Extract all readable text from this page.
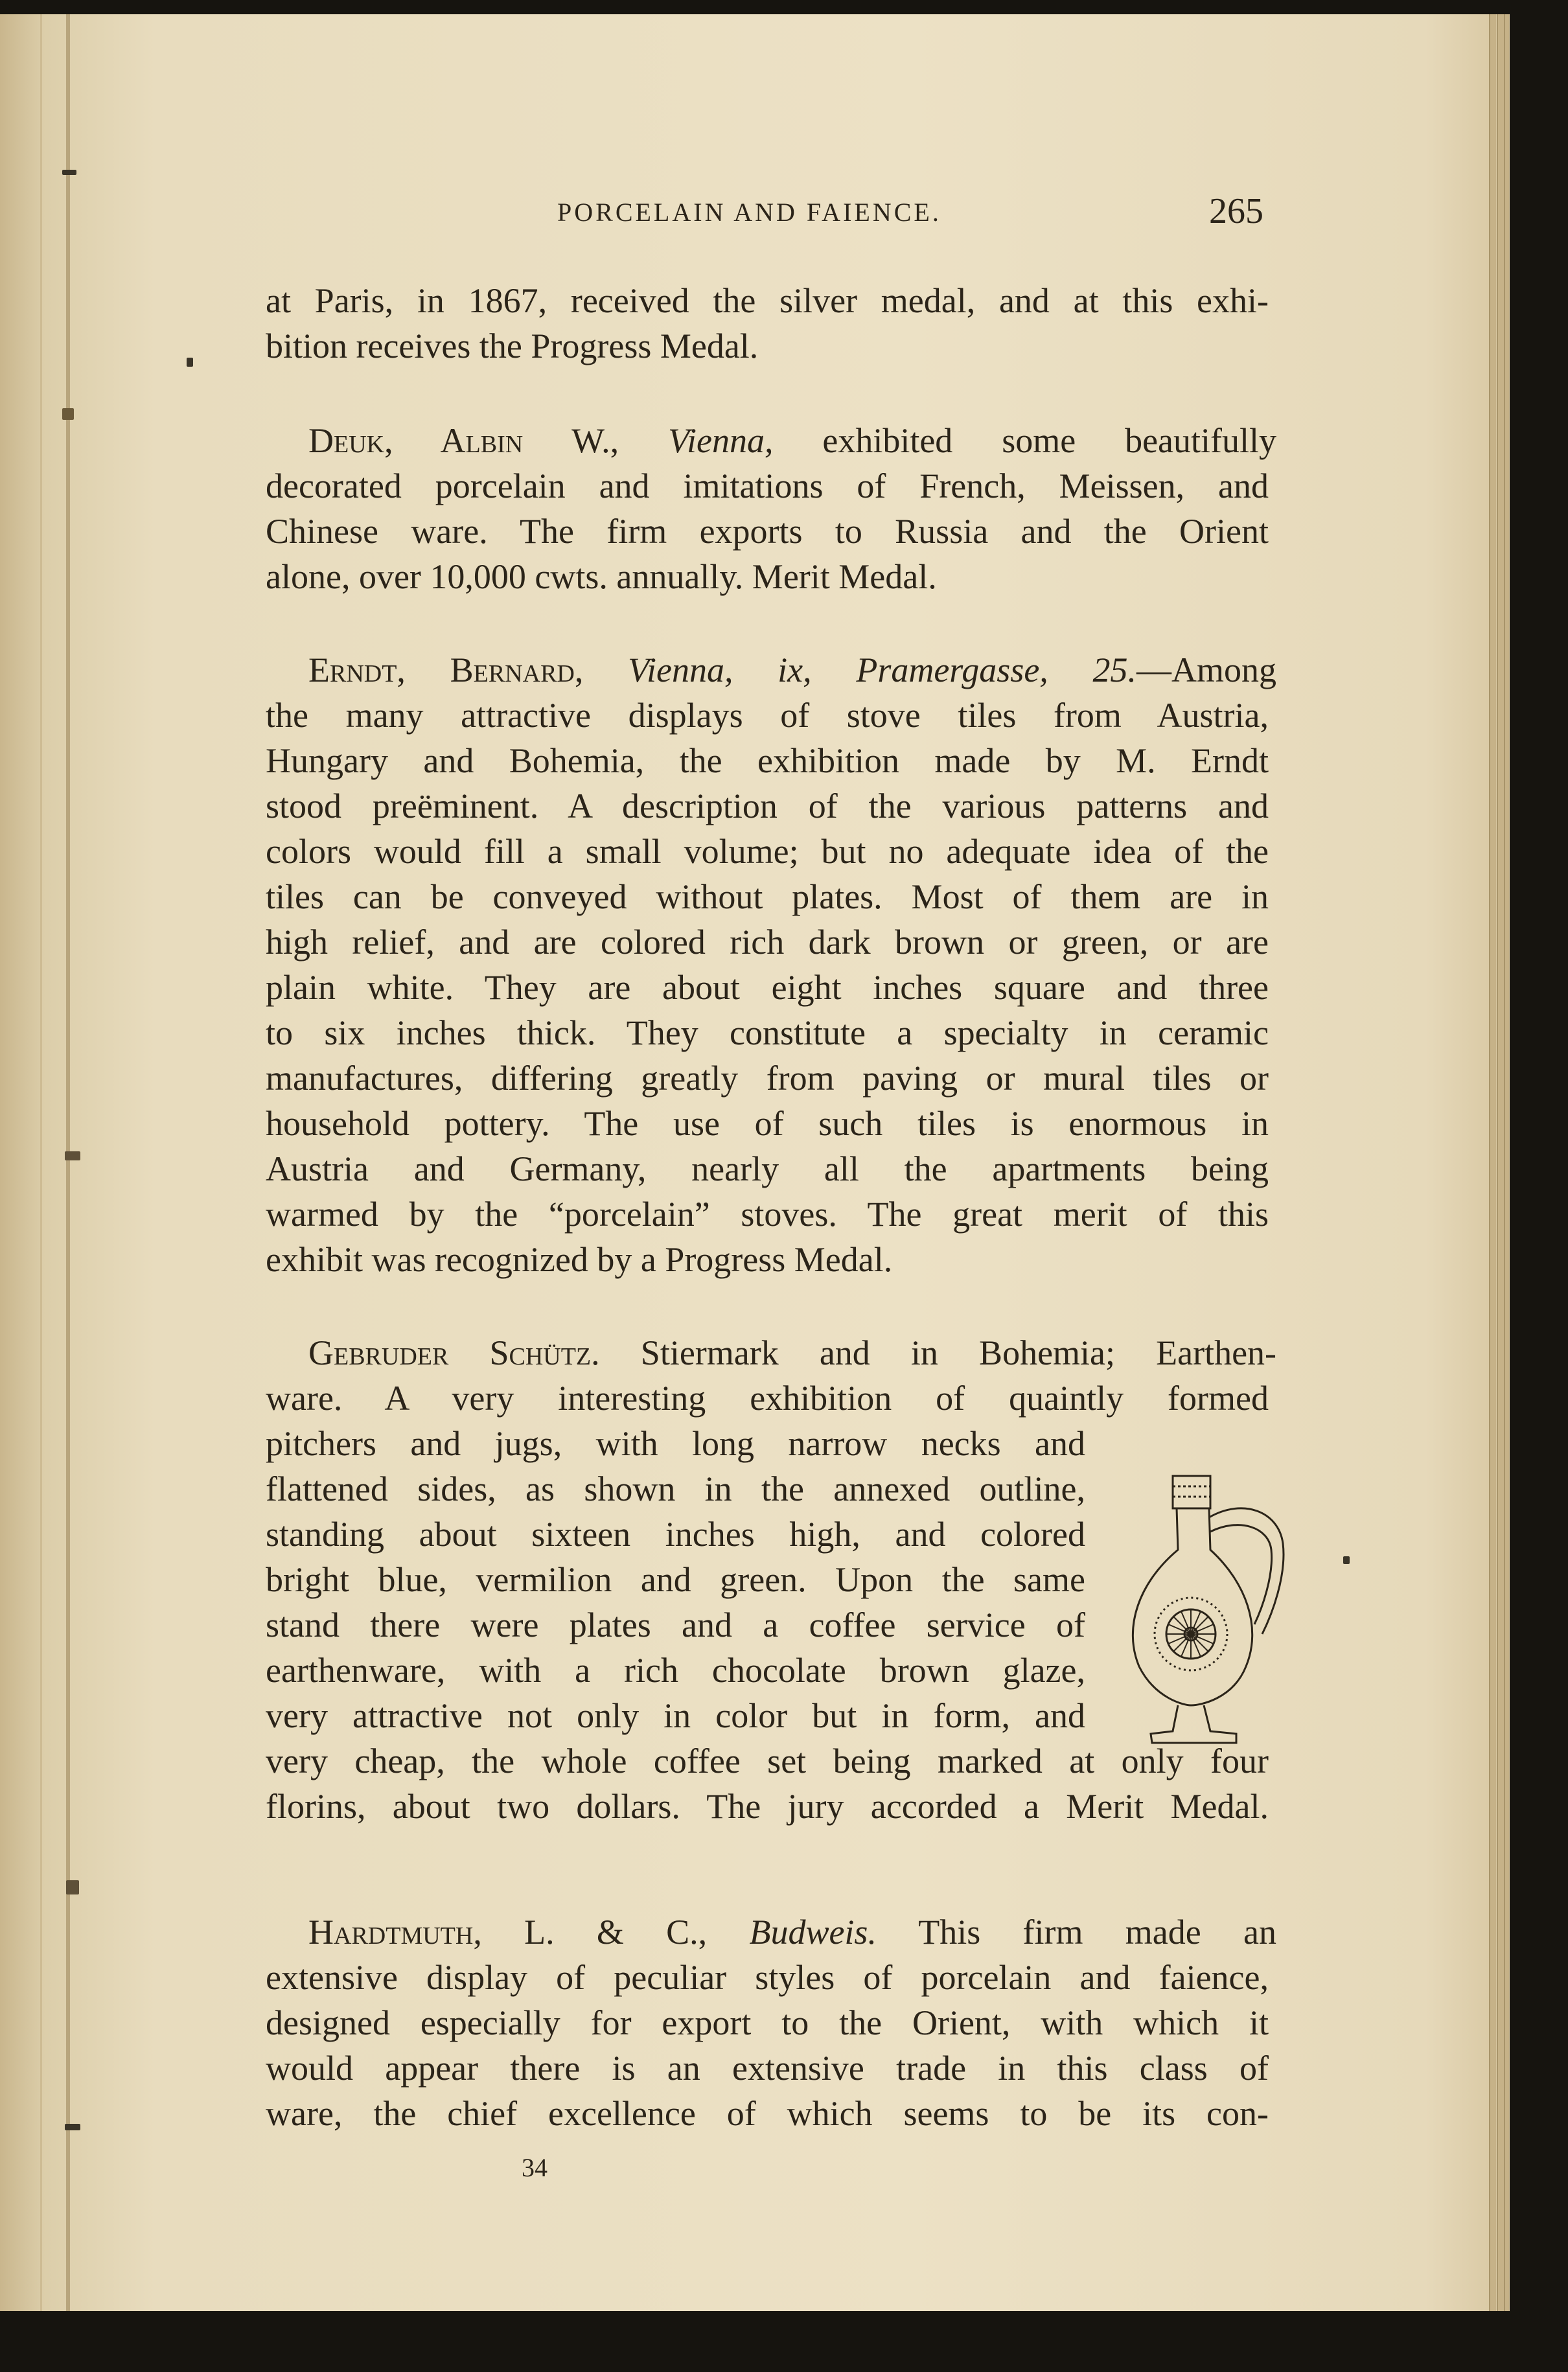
PORCELAIN AND FAIENCE.	265
at Paris, in 1867, received the silver medal, and at this exhi-
bition receives the Progress Medal.
Deuk, Albin W., Vienna, exhibited some beautifully
decorated porcelain and imitations of French, Meissen, and
Chinese ware. The firm exports to Russia and the Orient
alone, over 10,000 cwts. annually. Merit Medal.
Erndt, Bernard, Vienna, ix, Pramergasse, 25.—Among
the many attractive displays of stove tiles from Austria,
Hungary and Bohemia, the exhibition made by M. Erndt
stood preëminent. A description of the various patterns and
colors would fill a small volume; but no adequate idea of the
tiles can be conveyed without plates. Most of them are in
high relief, and are colored rich dark brown or green, or are
plain white. They are about eight inches square and three
to six inches thick. They constitute a specialty in ceramic
manufactures, differing greatly from paving or mural tiles or
household pottery. The use of such tiles is enormous in
Austria and Germany, nearly all the apartments being
warmed by the “porcelain” stoves. The great merit of this
exhibit was recognized by a Progress Medal.
Gebruder Schütz. Stiermark and in Bohemia; Earthen-
ware. A very interesting exhibition of quaintly formed
pitchers and jugs, with long narrow necks and
flattened sides, as shown in the annexed outline,
standing about sixteen inches high, and colored
bright blue, vermilion and green. Upon the same
stand there were plates and a coffee service of
earthenware, with a rich chocolate brown glaze,
very attractive not only in color but in form, and
very cheap, the whole coffee set being marked at only four
florins, about two dollars. The jury accorded a Merit Medal.
Hardtmuth, L. & C., Budweis. This firm made an
extensive display of peculiar styles of porcelain and faience,
designed especially for export to the Orient, with which it
would appear there is an extensive trade in this class of
ware, the chief excellence of which seems to be its con-
34
